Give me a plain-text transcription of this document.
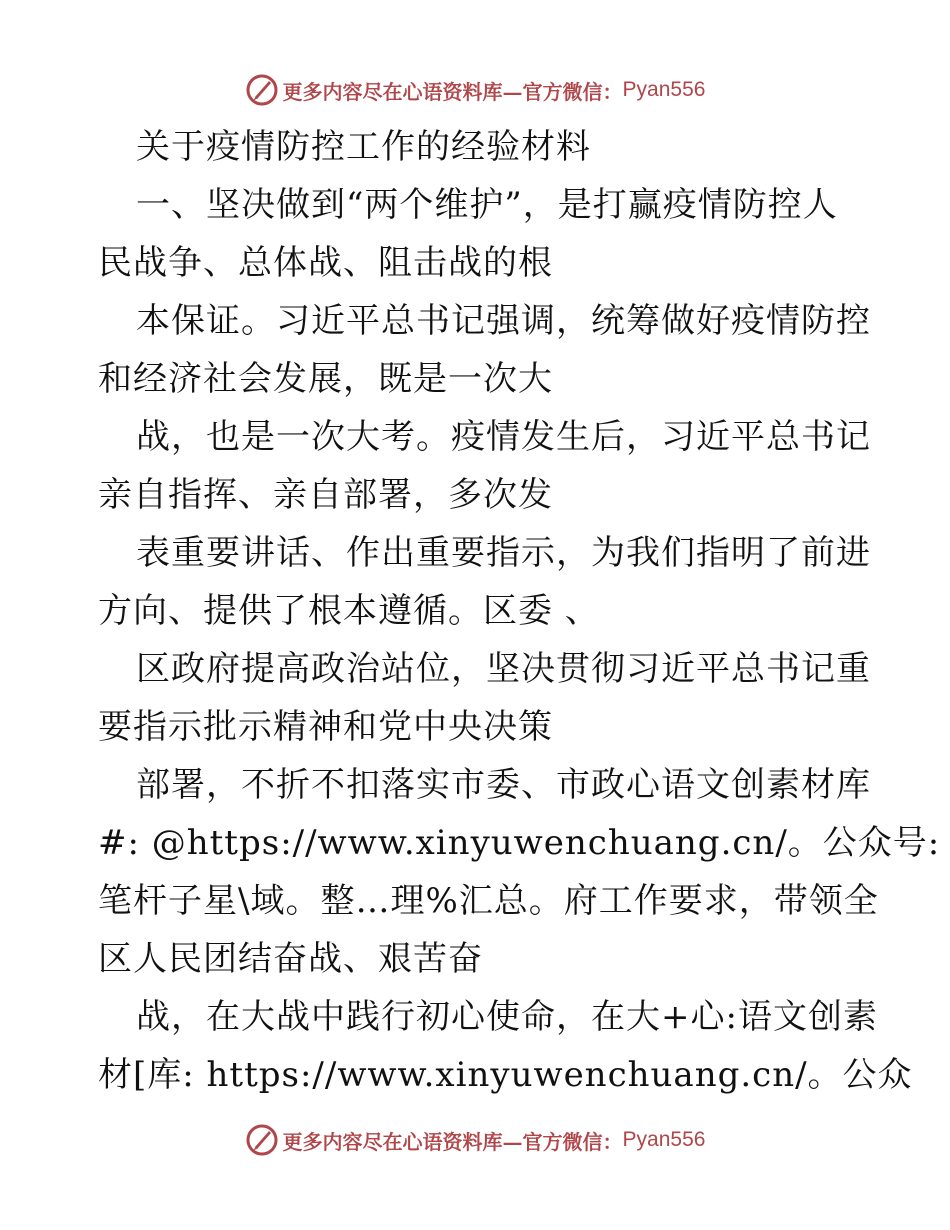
更多内容尽在心语资料库—官方微信： Pyan556
关于疫情防控工作的经验材料
一、坚决做到“两个维护”，是打赢疫情防控人
民战争、总体战、阻击战的根
本保证。习近平总书记强调，统筹做好疫情防控
和经济社会发展，既是一次大
战，也是一次大考。疫情发生后，习近平总书记
亲自指挥、亲自部署，多次发
表重要讲话、作出重要指示，为我们指明了前进
方向、提供了根本遵循。区委 、
区政府提高政治站位，坚决贯彻习近平总书记重
要指示批示精神和党中央决策
部署，不折不扣落实市委、市政心语文创素材库
#: @https://www.xinyuwenchuang.cn/。公众号:
笔杆子星\域。整…理%汇总。府工作要求，带领全
区人民团结奋战、艰苦奋
战，在大战中践行初心使命，在大+心:语文创素
材[库: https://www.xinyuwenchuang.cn/。公众
更多内容尽在心语资料库—官方微信： Pyan556
